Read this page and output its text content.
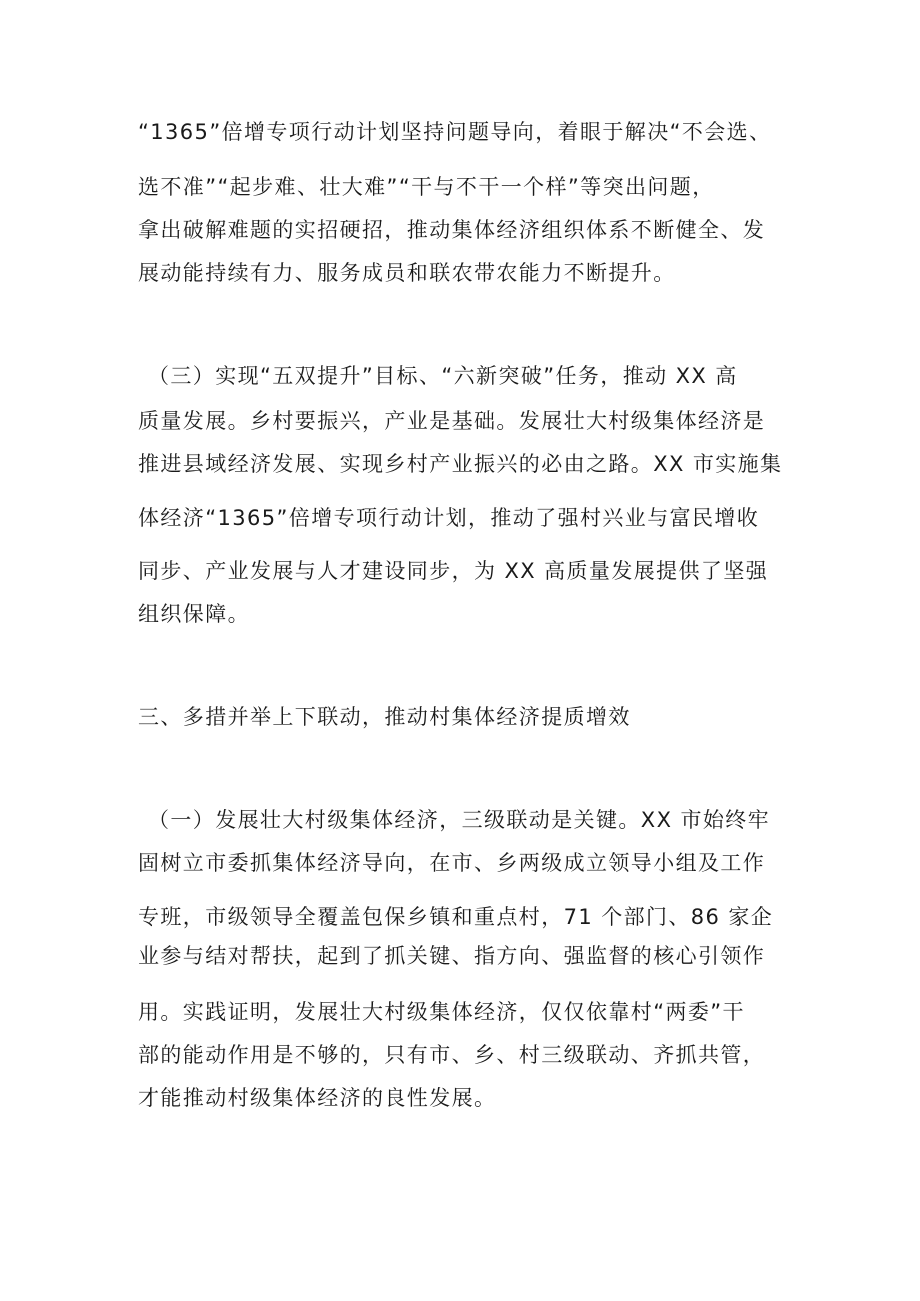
“1365”倍增专项行动计划坚持问题导向，着眼于解决“不会选、
选不准”“起步难、壮大难”“干与不干一个样”等突出问题，
拿出破解难题的实招硬招，推动集体经济组织体系不断健全、发
展动能持续有力、服务成员和联农带农能力不断提升。
（三）实现“五双提升”目标、“六新突破”任务，推动 XX 高
质量发展。乡村要振兴，产业是基础。发展壮大村级集体经济是
推进县域经济发展、实现乡村产业振兴的必由之路。XX 市实施集
体经济“1365”倍增专项行动计划，推动了强村兴业与富民增收
同步、产业发展与人才建设同步，为 XX 高质量发展提供了坚强
组织保障。
三、多措并举上下联动，推动村集体经济提质增效
（一）发展壮大村级集体经济，三级联动是关键。XX 市始终牢
固树立市委抓集体经济导向，在市、乡两级成立领导小组及工作
专班，市级领导全覆盖包保乡镇和重点村，71 个部门、86 家企
业参与结对帮扶，起到了抓关键、指方向、强监督的核心引领作
用。实践证明，发展壮大村级集体经济，仅仅依靠村“两委”干
部的能动作用是不够的，只有市、乡、村三级联动、齐抓共管，
才能推动村级集体经济的良性发展。
